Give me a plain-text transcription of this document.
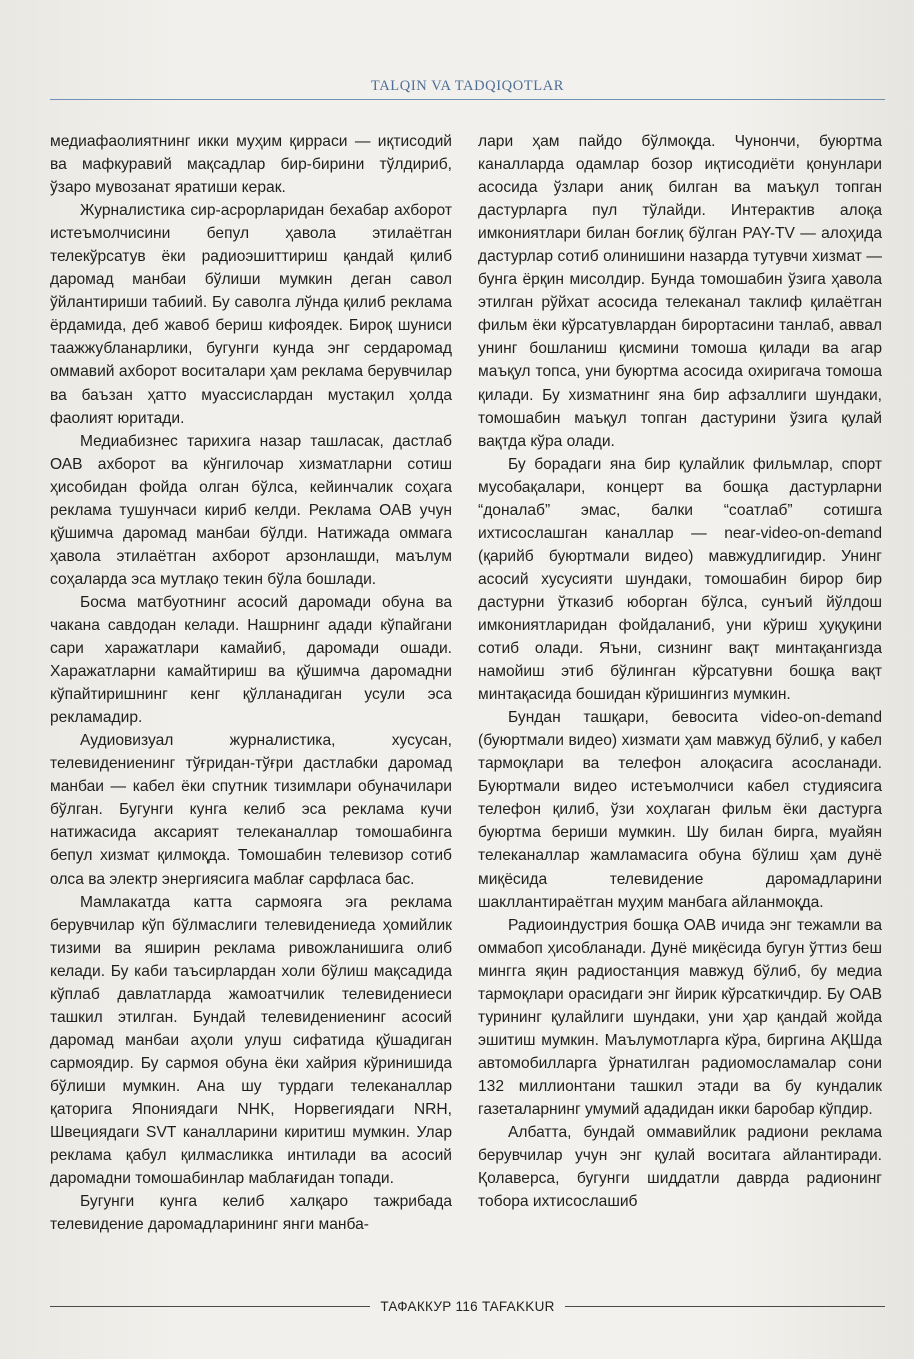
TALQIN VA TADQIQOTLAR

медиафаолиятнинг икки муҳим қирраси — иқтисодий ва мафкуравий мақсадлар бир-бирини тўлдириб, ўзаро мувозанат яратиши керак.

Журналистика сир-асрорларидан бехабар ахборот истеъмолчисини бепул ҳавола этилаётган телекўрсатув ёки радиоэшиттириш қандай қилиб даромад манбаи бўлиши мумкин деган савол ўйлантириши табиий. Бу саволга лўнда қилиб реклама ёрдамида, деб жавоб бериш кифоядек. Бироқ шуниси таажжубланарлики, бугунги кунда энг сердаромад оммавий ахборот воситалари ҳам реклама берувчилар ва баъзан ҳатто муассислардан мустақил ҳолда фаолият юритади.

Медиабизнес тарихига назар ташласак, дастлаб ОАВ ахборот ва кўнгилочар хизматларни сотиш ҳисобидан фойда олган бўлса, кейинчалик соҳага реклама тушунчаси кириб келди. Реклама ОАВ учун қўшимча даромад манбаи бўлди. Натижада оммага ҳавола этилаётган ахборот арзонлашди, маълум соҳаларда эса мутлақо текин бўла бошлади.

Босма матбуотнинг асосий даромади обуна ва чакана савдодан келади. Нашрнинг адади кўпайгани сари харажатлари камайиб, даромади ошади. Харажатларни камайтириш ва қўшимча даромадни кўпайтиришнинг кенг қўлланадиган усули эса рекламадир.

Аудиовизуал журналистика, хусусан, телевидениенинг тўғридан-тўғри дастлабки даромад манбаи — кабел ёки спутник тизимлари обуначилари бўлган. Бугунги кунга келиб эса реклама кучи натижасида аксарият телеканаллар томошабинга бепул хизмат қилмоқда. Томошабин телевизор сотиб олса ва электр энергиясига маблағ сарфласа бас.

Мамлакатда катта сармояга эга реклама берувчилар кўп бўлмаслиги телевидениеда ҳомийлик тизими ва яширин реклама ривожланишига олиб келади. Бу каби таъсирлардан холи бўлиш мақсадида кўплаб давлатларда жамоатчилик телевидениеси ташкил этилган. Бундай телевидениенинг асосий даромад манбаи аҳоли улуш сифатида қўшадиган сармоядир. Бу сармоя обуна ёки хайрия кўринишида бўлиши мумкин. Ана шу турдаги телеканаллар қаторига Япониядаги NHK, Норвегиядаги NRH, Швециядаги SVT каналларини киритиш мумкин. Улар реклама қабул қилмасликка интилади ва асосий даромадни томошабинлар маблағидан топади.

Бугунги кунга келиб халқаро тажрибада телевидение даромадларининг янги манба-

лари ҳам пайдо бўлмоқда. Чунончи, буюртма каналларда одамлар бозор иқтисодиёти қонунлари асосида ўзлари аниқ билган ва маъқул топган дастурларга пул тўлайди. Интерактив алоқа имкониятлари билан боғлиқ бўлган PAY-TV — алоҳида дастурлар сотиб олинишини назарда тутувчи хизмат — бунга ёрқин мисолдир. Бунда томошабин ўзига ҳавола этилган рўйхат асосида телеканал таклиф қилаётган фильм ёки кўрсатувлардан бирортасини танлаб, аввал унинг бошланиш қисмини томоша қилади ва агар маъқул топса, уни буюртма асосида охиригача томоша қилади. Бу хизматнинг яна бир афзаллиги шундаки, томошабин маъқул топган дастурини ўзига қулай вақтда кўра олади.

Бу борадаги яна бир қулайлик фильмлар, спорт мусобақалари, концерт ва бошқа дастурларни “доналаб” эмас, балки “соатлаб” сотишга ихтисослашган каналлар — near-video-on-demand (қарийб буюртмали видео) мавжудлигидир. Унинг асосий хусусияти шундаки, томошабин бирор бир дастурни ўтказиб юборган бўлса, сунъий йўлдош имкониятларидан фойдаланиб, уни кўриш ҳуқуқини сотиб олади. Яъни, сизнинг вақт минтақангизда намойиш этиб бўлинган кўрсатувни бошқа вақт минтақасида бошидан кўришингиз мумкин.

Бундан ташқари, бевосита video-on-demand (буюртмали видео) хизмати ҳам мавжуд бўлиб, у кабел тармоқлари ва телефон алоқасига асосланади. Буюртмали видео истеъмолчиси кабел студиясига телефон қилиб, ўзи хоҳлаган фильм ёки дастурга буюртма бериши мумкин. Шу билан бирга, муайян телеканаллар жамламасига обуна бўлиш ҳам дунё миқёсида телевидение даромадларини шакллантираётган муҳим манбага айланмоқда.

Радиоиндустрия бошқа ОАВ ичида энг тежамли ва оммабоп ҳисобланади. Дунё миқёсида бугун ўттиз беш мингга яқин радиостанция мавжуд бўлиб, бу медиа тармоқлари орасидаги энг йирик кўрсаткичдир. Бу ОАВ турининг қулайлиги шундаки, уни ҳар қандай жойда эшитиш мумкин. Маълумотларга кўра, биргина АҚШда автомобилларга ўрнатилган радиомосламалар сони 132 миллионтани ташкил этади ва бу кундалик газеталарнинг умумий ададидан икки баробар кўпдир.

Албатта, бундай оммавийлик радиони реклама берувчилар учун энг қулай воситага айлантиради. Қолаверса, бугунги шиддатли даврда радионинг тобора ихтисослашиб

ТАФАККУР 116 TAFAKKUR
